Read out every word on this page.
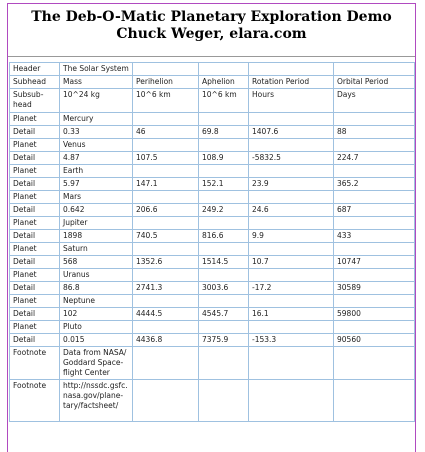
The Deb-O-Matic Planetary Exploration Demo
Chuck Weger, elara.com
Header	The Solar System				
Subhead	Mass	Perihelion	Aphelion	Rotation Period	Orbital Period
Subsub-head	10^24 kg	10^6 km	10^6 km	Hours	Days
Planet	Mercury				
Detail	0.33	46	69.8	1407.6	88
Planet	Venus				
Detail	4.87	107.5	108.9	-5832.5	224.7
Planet	Earth				
Detail	5.97	147.1	152.1	23.9	365.2
Planet	Mars				
Detail	0.642	206.6	249.2	24.6	687
Planet	Jupiter				
Detail	1898	740.5	816.6	9.9	433
Planet	Saturn				
Detail	568	1352.6	1514.5	10.7	10747
Planet	Uranus				
Detail	86.8	2741.3	3003.6	-17.2	30589
Planet	Neptune				
Detail	102	4444.5	4545.7	16.1	59800
Planet	Pluto				
Detail	0.015	4436.8	7375.9	-153.3	90560
Footnote	Data from NASA/ Goddard Space-flight Center				
Footnote	http://nssdc.gsfc. nasa.gov/plane-tary/factsheet/				
